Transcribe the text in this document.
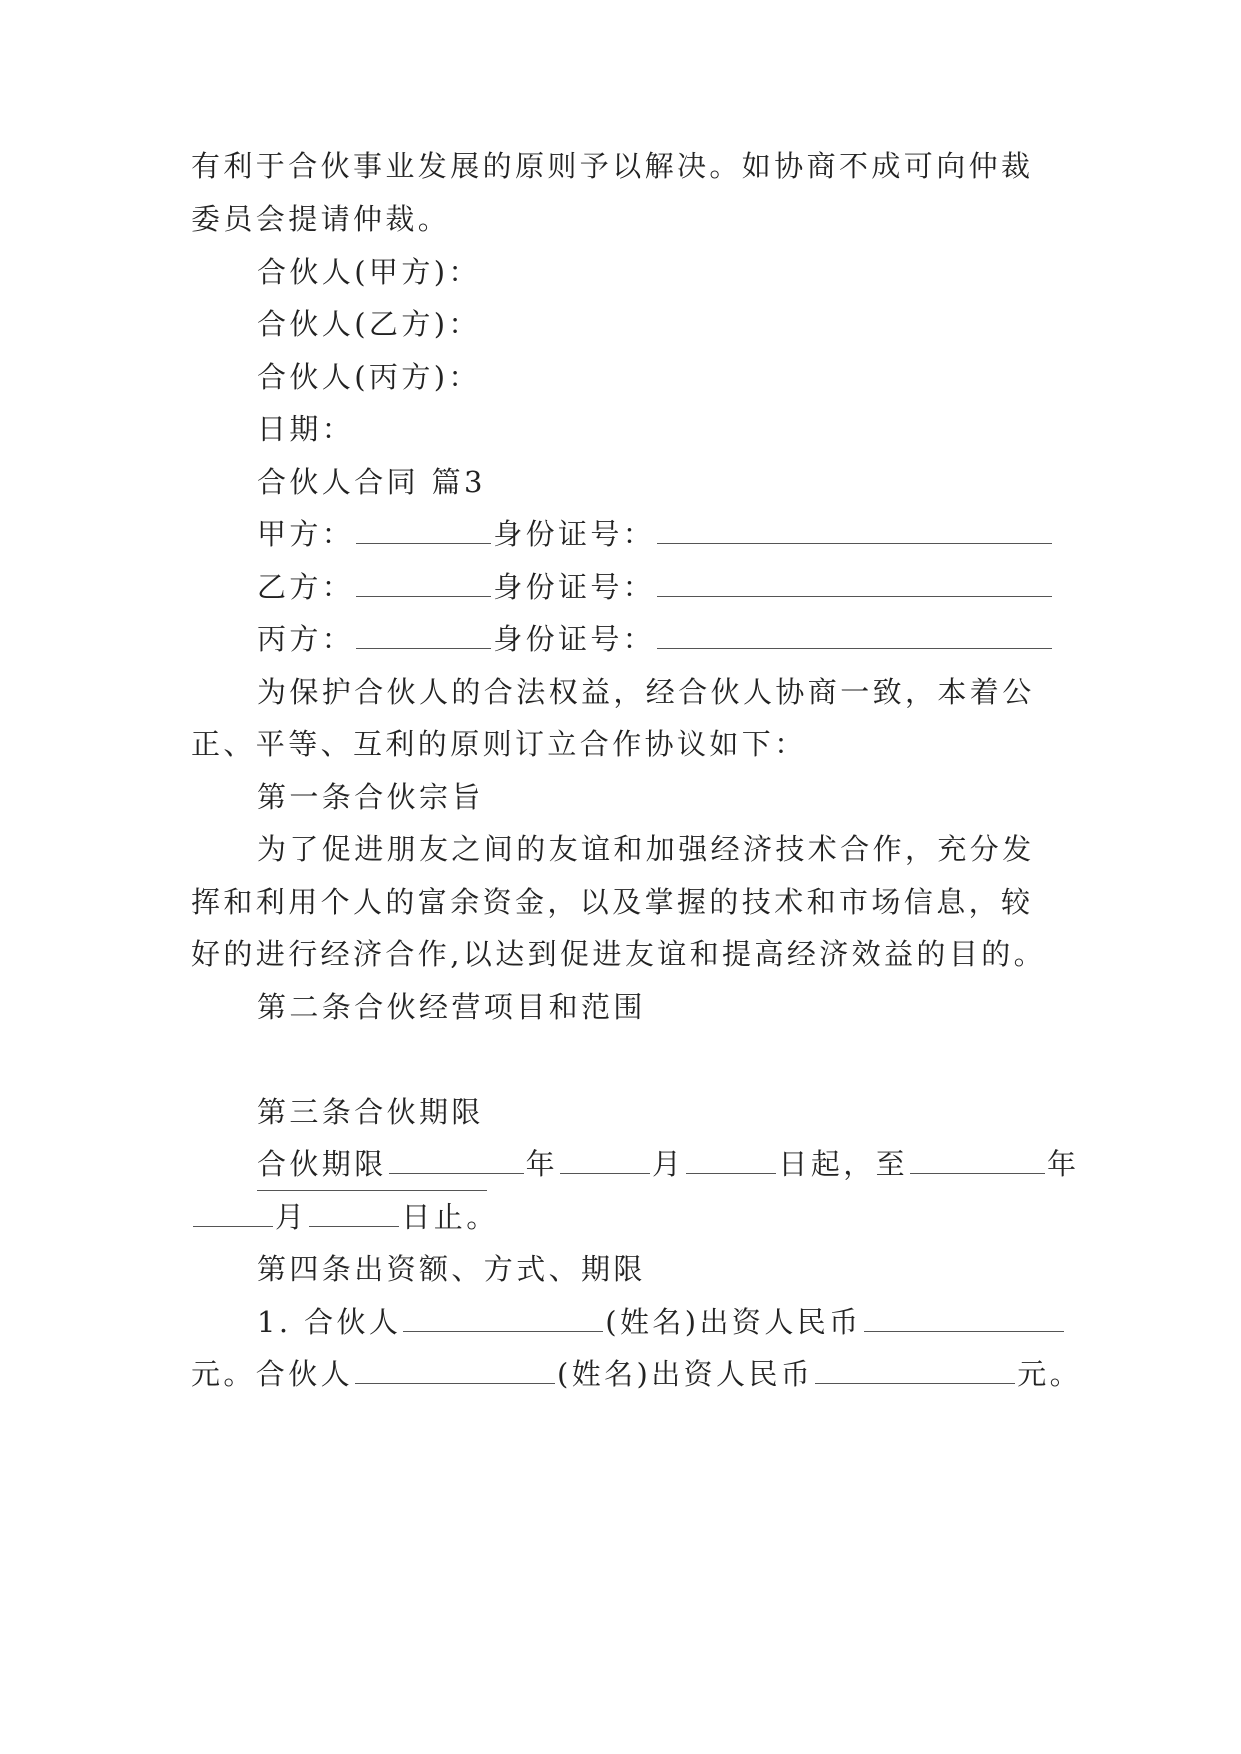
有利于合伙事业发展的原则予以解决。如协商不成可向仲裁
委员会提请仲裁。
合伙人(甲方)：
合伙人(乙方)：
合伙人(丙方)：
日期：
合伙人合同 篇3
甲方：	身份证号：
乙方：	身份证号：
丙方：	身份证号：
为保护合伙人的合法权益，经合伙人协商一致，本着公
正、平等、互利的原则订立合作协议如下：
第一条合伙宗旨
为了促进朋友之间的友谊和加强经济技术合作，充分发
挥和利用个人的富余资金，以及掌握的技术和市场信息，较
好的进行经济合作,以达到促进友谊和提高经济效益的目的。
第二条合伙经营项目和范围
第三条合伙期限
合伙期限	年	月	日起，至	年
月	日止。
第四条出资额、方式、期限
1. 合伙人	(姓名)出资人民币
元。合伙人	(姓名)出资人民币	元。
